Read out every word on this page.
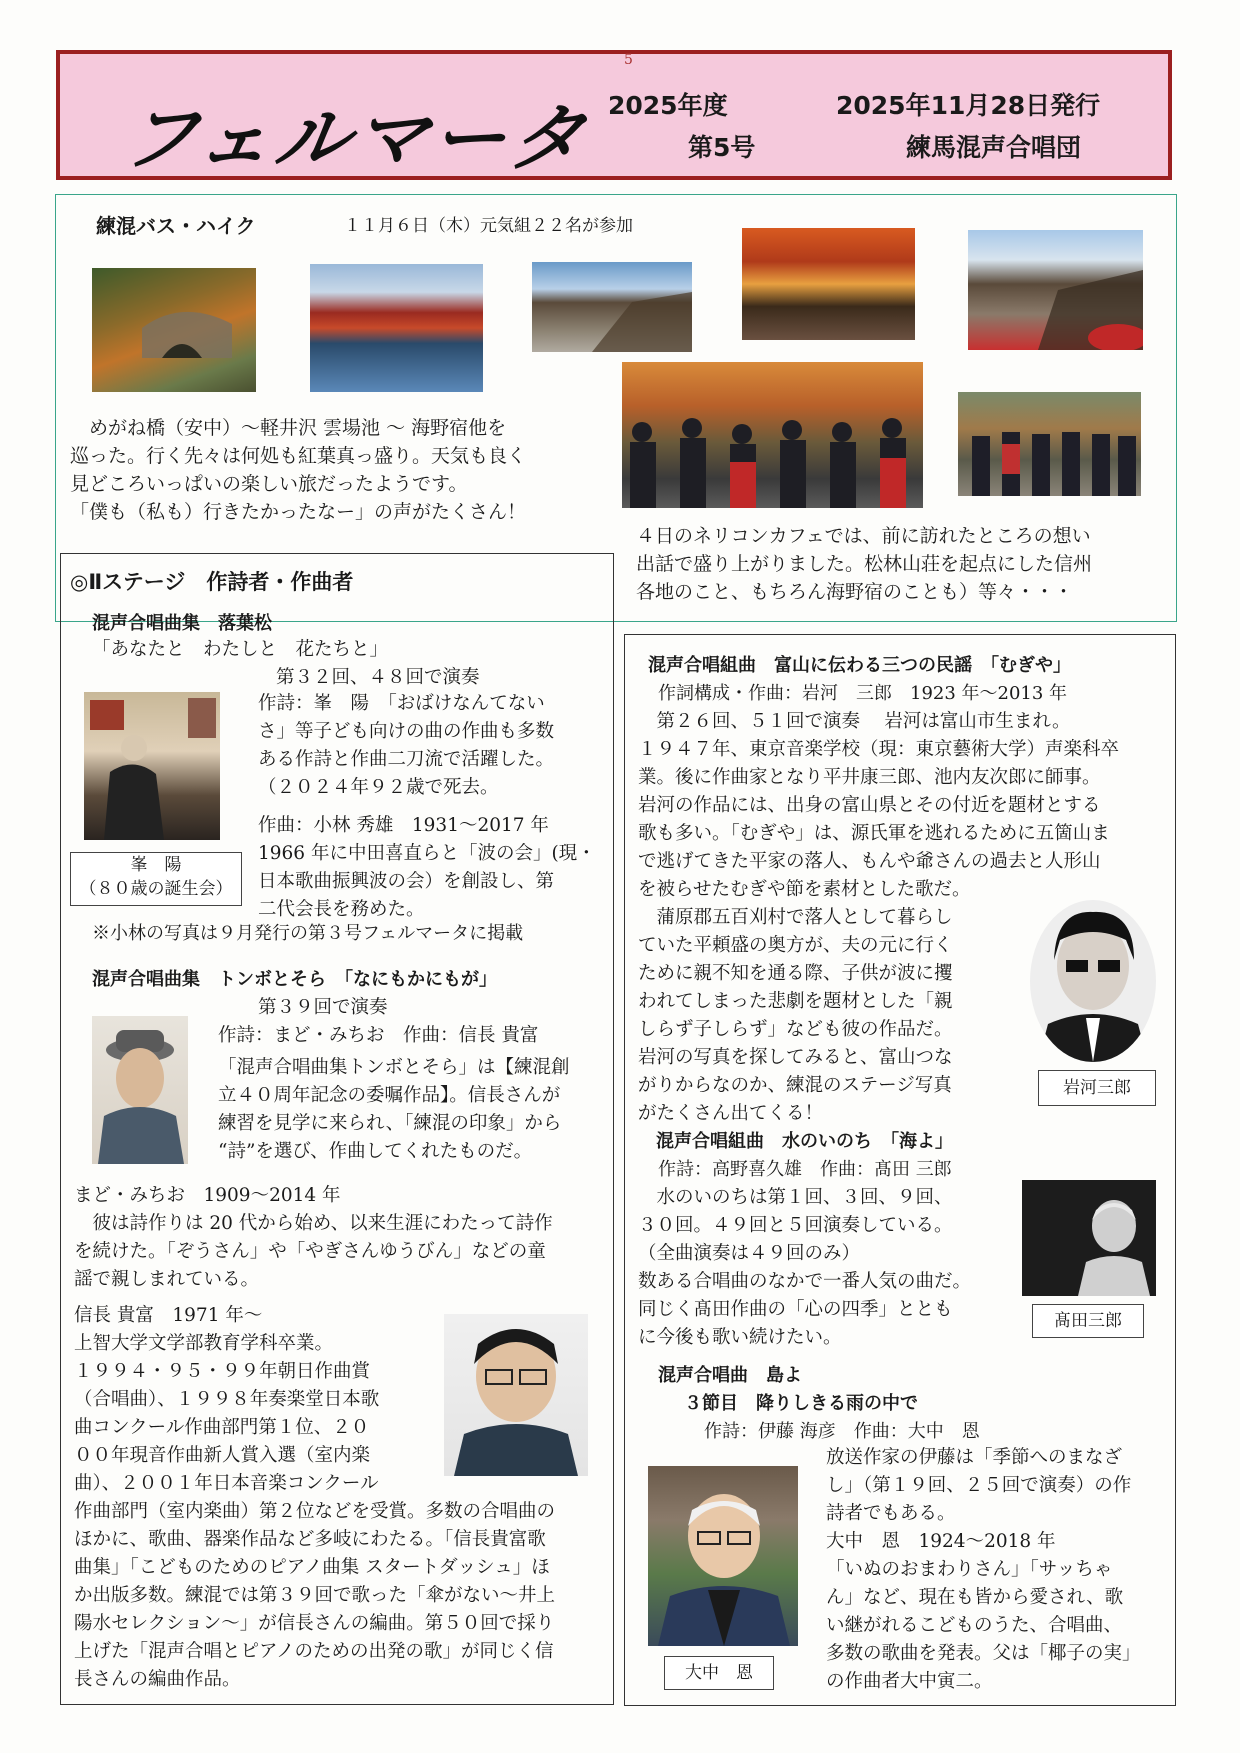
5
フェルマータ 2025年度
第5号
2025年11月28日発行
練馬混声合唱団
練混バス・ハイク	１１月６日（木）元気組２２名が参加
　めがね橋（安中）～軽井沢 雲場池 ～ 海野宿他を
巡った。行く先々は何処も紅葉真っ盛り。天気も良く
見どころいっぱいの楽しい旅だったようです。
「僕も（私も）行きたかったなー」の声がたくさん！
４日のネリコンカフェでは、前に訪れたところの想い
出話で盛り上がりました。松林山荘を起点にした信州
各地のこと、もちろん海野宿のことも）等々・・・
◎Ⅱステージ　作詩者・作曲者
混声合唱曲集　落葉松
「あなたと　わたしと　花たちと」
第３２回、４８回で演奏
作詩：峯　陽　「おばけなんてない
さ」等子ども向けの曲の作曲も多数
ある作詩と作曲二刀流で活躍した。
（２０２４年９２歳で死去。
峯　陽
（８０歳の誕生会）
作曲：小林 秀雄　1931～2017 年
1966 年に中田喜直らと「波の会」(現・
日本歌曲振興波の会）を創設し、第
二代会長を務めた。
※小林の写真は９月発行の第３号フェルマータに掲載
混声合唱曲集　トンボとそら　「なにもかにもが」
第３９回で演奏
作詩：まど・みちお　作曲：信長 貴富
「混声合唱曲集トンボとそら」は【練混創
立４０周年記念の委嘱作品】。信長さんが
練習を見学に来られ、「練混の印象」から
“詩”を選び、作曲してくれたものだ。
まど・みちお　1909～2014 年
　彼は詩作りは 20 代から始め、以来生涯にわたって詩作
を続けた。「ぞうさん」や「やぎさんゆうびん」などの童
謡で親しまれている。
信長 貴富　1971 年～
上智大学文学部教育学科卒業。
１９９４・９５・９９年朝日作曲賞
（合唱曲）、１９９８年奏楽堂日本歌
曲コンクール作曲部門第１位、２０
００年現音作曲新人賞入選（室内楽
曲）、２００１年日本音楽コンクール
作曲部門（室内楽曲）第２位などを受賞。多数の合唱曲の
ほかに、歌曲、器楽作品など多岐にわたる。「信長貴富歌
曲集」「こどものためのピアノ曲集 スタートダッシュ」ほ
か出版多数。練混では第３９回で歌った「傘がない～井上
陽水セレクション～」が信長さんの編曲。第５０回で採り
上げた「混声合唱とピアノのための出発の歌」が同じく信
長さんの編曲作品。
混声合唱組曲　富山に伝わる三つの民謡　「むぎや」
作詞構成・作曲：岩河　三郎　1923 年～2013 年
　第２６回、５１回で演奏　 岩河は富山市生まれ。
１９４７年、東京音楽学校（現：東京藝術大学）声楽科卒
業。後に作曲家となり平井康三郎、池内友次郎に師事。
岩河の作品には、出身の富山県とその付近を題材とする
歌も多い。「むぎや」は、源氏軍を逃れるために五箇山ま
で逃げてきた平家の落人、もんや爺さんの過去と人形山
を被らせたむぎや節を素材とした歌だ。
　蒲原郡五百刈村で落人として暮らし
ていた平頼盛の奥方が、夫の元に行く
ために親不知を通る際、子供が波に攫
われてしまった悲劇を題材とした「親
しらず子しらず」なども彼の作品だ。
岩河の写真を探してみると、富山つな
がりからなのか、練混のステージ写真
がたくさん出てくる！
岩河三郎
混声合唱組曲　水のいのち　「海よ」
作詩：高野喜久雄　作曲：髙田 三郎
　水のいのちは第１回、３回、９回、
３０回。４９回と５回演奏している。
（全曲演奏は４９回のみ）
数ある合唱曲のなかで一番人気の曲だ。
同じく髙田作曲の「心の四季」ととも
に今後も歌い続けたい。
髙田三郎
混声合唱曲　島よ
３節目　降りしきる雨の中で
作詩：伊藤 海彦　作曲：大中　恩
大中　恩
放送作家の伊藤は「季節へのまなざ
し」（第１９回、２５回で演奏）の作
詩者でもある。
大中　恩　1924～2018 年
「いぬのおまわりさん」「サッちゃ
ん」など、現在も皆から愛され、歌
い継がれるこどものうた、合唱曲、
多数の歌曲を発表。父は「椰子の実」
の作曲者大中寅二。
